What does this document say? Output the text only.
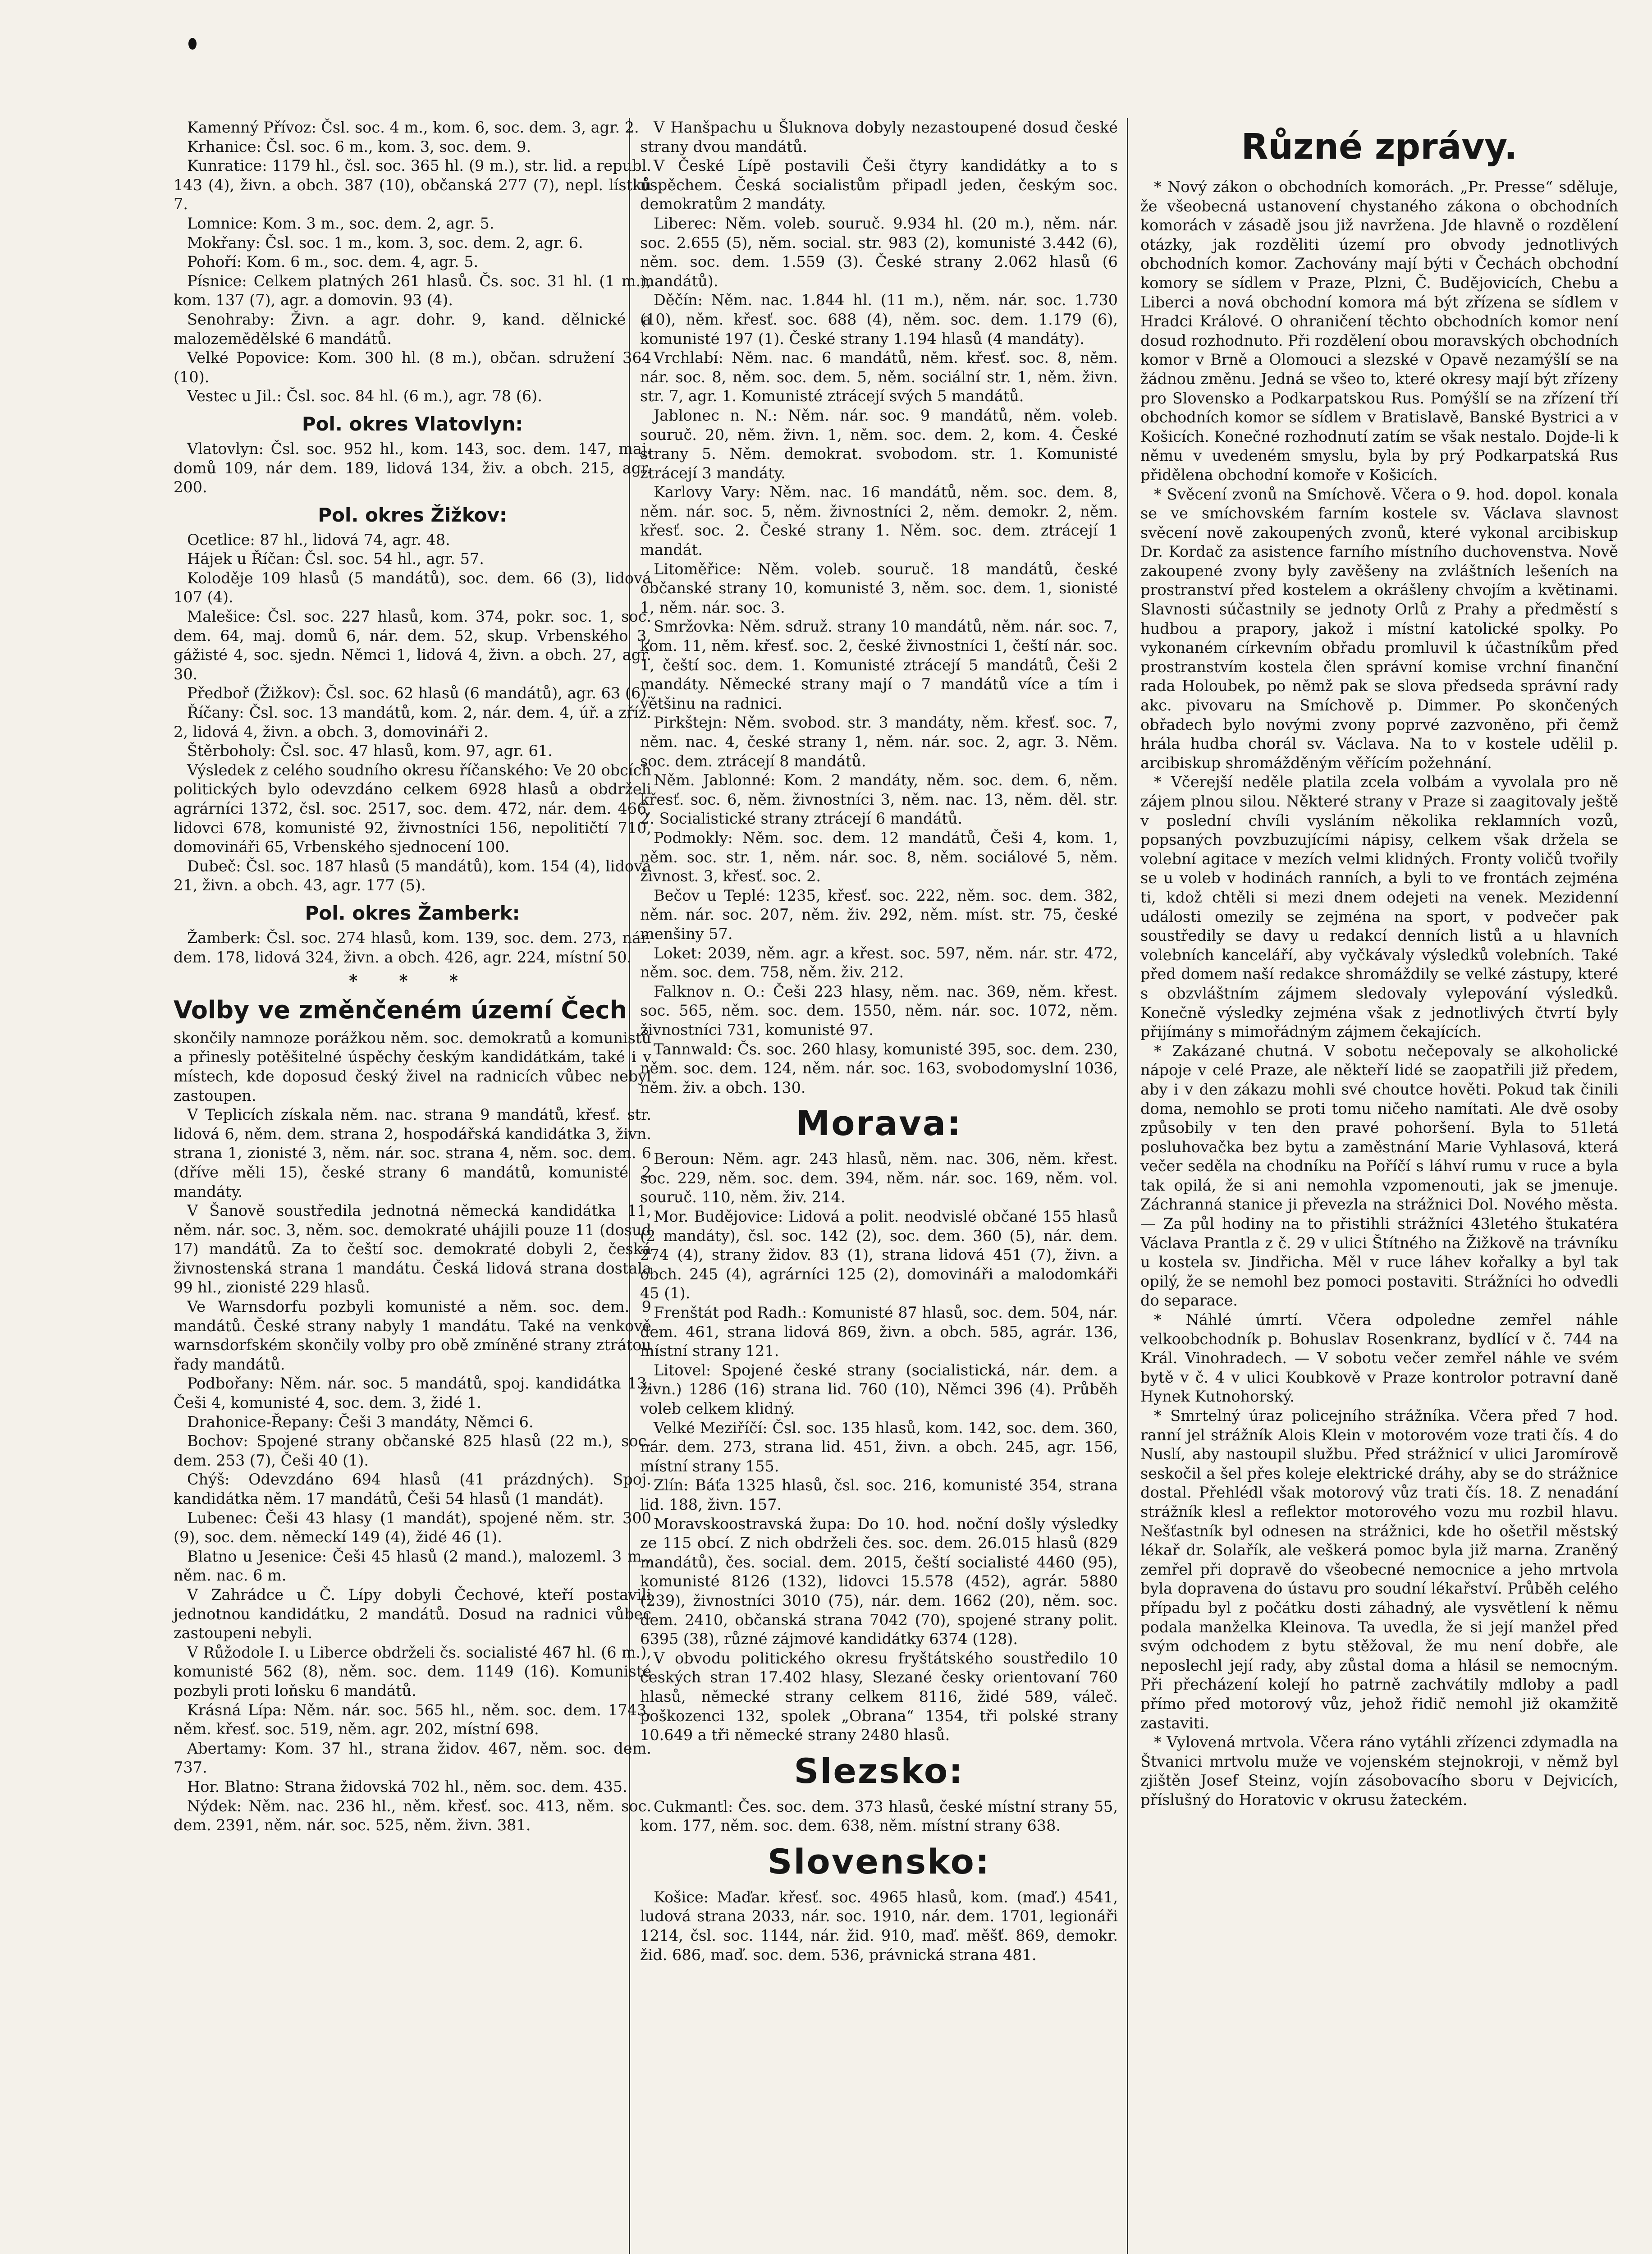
Kamenný Přívoz: Čsl. soc. 4 m., kom. 6, soc. dem. 3, agr. 2.

Krhanice: Čsl. soc. 6 m., kom. 3, soc. dem. 9.

Kunratice: 1179 hl., čsl. soc. 365 hl. (9 m.), str. lid. a republ. 143 (4), živn. a obch. 387 (10), občanská 277 (7), nepl. lístků 7.

Lomnice: Kom. 3 m., soc. dem. 2, agr. 5.

Mokřany: Čsl. soc. 1 m., kom. 3, soc. dem. 2, agr. 6.

Pohoří: Kom. 6 m., soc. dem. 4, agr. 5.

Písnice: Celkem platných 261 hlasů. Čs. soc. 31 hl. (1 m.), kom. 137 (7), agr. a domovin. 93 (4).

Senohraby: Živn. a agr. dohr. 9, kand. dělnické a malozemědělské 6 mandátů.

Velké Popovice: Kom. 300 hl. (8 m.), občan. sdružení 364 (10).

Vestec u Jil.: Čsl. soc. 84 hl. (6 m.), agr. 78 (6).

Pol. okres Vlatovlyn:

Vlatovlyn: Čsl. soc. 952 hl., kom. 143, soc. dem. 147, maj. domů 109, nár dem. 189, lidová 134, živ. a obch. 215, agr. 200.

Pol. okres Žižkov:

Ocetlice: 87 hl., lidová 74, agr. 48.

Hájek u Říčan: Čsl. soc. 54 hl., agr. 57.

Koloděje 109 hlasů (5 mandátů), soc. dem. 66 (3), lidová 107 (4).

Malešice: Čsl. soc. 227 hlasů, kom. 374, pokr. soc. 1, soc. dem. 64, maj. domů 6, nár. dem. 52, skup. Vrbenského 3, gážisté 4, soc. sjedn. Němci 1, lidová 4, živn. a obch. 27, agr. 30.

Předboř (Žižkov): Čsl. soc. 62 hlasů (6 mandátů), agr. 63 (6).

Říčany: Čsl. soc. 13 mandátů, kom. 2, nár. dem. 4, úř. a zříz. 2, lidová 4, živn. a obch. 3, domovináři 2.

Štěrboholy: Čsl. soc. 47 hlasů, kom. 97, agr. 61.

Výsledek z celého soudního okresu říčanského: Ve 20 obcích politických bylo odevzdáno celkem 6928 hlasů a obdrželi agrárníci 1372, čsl. soc. 2517, soc. dem. 472, nár. dem. 466, lidovci 678, komunisté 92, živnostníci 156, nepolitičtí 710, domovináři 65, Vrbenského sjednocení 100.

Dubeč: Čsl. soc. 187 hlasů (5 mandátů), kom. 154 (4), lidová 21, živn. a obch. 43, agr. 177 (5).

Pol. okres Žamberk:

Žamberk: Čsl. soc. 274 hlasů, kom. 139, soc. dem. 273, nár. dem. 178, lidová 324, živn. a obch. 426, agr. 224, místní 50.

* * *

Volby ve změnčeném území Čech

skončily namnoze porážkou něm. soc. demokratů a komunistů a přinesly potěšitelné úspěchy českým kandidátkám, také i v místech, kde doposud český živel na radnicích vůbec nebyl zastoupen.

V Teplicích získala něm. nac. strana 9 mandátů, křesť. str. lidová 6, něm. dem. strana 2, hospodářská kandidátka 3, živn. strana 1, zionisté 3, něm. nár. soc. strana 4, něm. soc. dem. 6 (dříve měli 15), české strany 6 mandátů, komunisté 2 mandáty.

V Šanově soustředila jednotná německá kandidátka 11, něm. nár. soc. 3, něm. soc. demokraté uhájili pouze 11 (dosud 17) mandátů. Za to čeští soc. demokraté dobyli 2, česká živnostenská strana 1 mandátu. Česká lidová strana dostala 99 hl., zionisté 229 hlasů.

Ve Warnsdorfu pozbyli komunisté a něm. soc. dem. 9 mandátů. České strany nabyly 1 mandátu. Také na venkově warnsdorfském skončily volby pro obě zmíněné strany ztrátou řady mandátů.

Podbořany: Něm. nár. soc. 5 mandátů, spoj. kandidátka 13, Češi 4, komunisté 4, soc. dem. 3, židé 1.

Drahonice-Řepany: Češi 3 mandáty, Němci 6.

Bochov: Spojené strany občanské 825 hlasů (22 m.), soc. dem. 253 (7), Češi 40 (1).

Chýš: Odevzdáno 694 hlasů (41 prázdných). Spoj. kandidátka něm. 17 mandátů, Češi 54 hlasů (1 mandát).

Lubenec: Češi 43 hlasy (1 mandát), spojené něm. str. 300 (9), soc. dem. německí 149 (4), židé 46 (1).

Blatno u Jesenice: Češi 45 hlasů (2 mand.), malozeml. 3 m., něm. nac. 6 m.

V Zahrádce u Č. Lípy dobyli Čechové, kteří postavili jednotnou kandidátku, 2 mandátů. Dosud na radnici vůbec zastoupeni nebyli.

V Růžodole I. u Liberce obdrželi čs. socialisté 467 hl. (6 m.), komunisté 562 (8), něm. soc. dem. 1149 (16). Komunisté pozbyli proti loňsku 6 mandátů.

Krásná Lípa: Něm. nár. soc. 565 hl., něm. soc. dem. 1743, něm. křesť. soc. 519, něm. agr. 202, místní 698.

Abertamy: Kom. 37 hl., strana židov. 467, něm. soc. dem. 737.

Hor. Blatno: Strana židovská 702 hl., něm. soc. dem. 435.

Nýdek: Něm. nac. 236 hl., něm. křesť. soc. 413, něm. soc. dem. 2391, něm. nár. soc. 525, něm. živn. 381.

V Hanšpachu u Šluknova dobyly nezastoupené dosud české strany dvou mandátů.

V České Lípě postavili Češi čtyry kandidátky a to s úspěchem. Česká socialistům připadl jeden, českým soc. demokratům 2 mandáty.

Liberec: Něm. voleb. souruč. 9.934 hl. (20 m.), něm. nár. soc. 2.655 (5), něm. social. str. 983 (2), komunisté 3.442 (6), něm. soc. dem. 1.559 (3). České strany 2.062 hlasů (6 mandátů).

Děčín: Něm. nac. 1.844 hl. (11 m.), něm. nár. soc. 1.730 (10), něm. křesť. soc. 688 (4), něm. soc. dem. 1.179 (6), komunisté 197 (1). České strany 1.194 hlasů (4 mandáty).

Vrchlabí: Něm. nac. 6 mandátů, něm. křesť. soc. 8, něm. nár. soc. 8, něm. soc. dem. 5, něm. sociální str. 1, něm. živn. str. 7, agr. 1. Komunisté ztrácejí svých 5 mandátů.

Jablonec n. N.: Něm. nár. soc. 9 mandátů, něm. voleb. souruč. 20, něm. živn. 1, něm. soc. dem. 2, kom. 4. České strany 5. Něm. demokrat. svobodom. str. 1. Komunisté ztrácejí 3 mandáty.

Karlovy Vary: Něm. nac. 16 mandátů, něm. soc. dem. 8, něm. nár. soc. 5, něm. živnostníci 2, něm. demokr. 2, něm. křesť. soc. 2. České strany 1. Něm. soc. dem. ztrácejí 1 mandát.

Litoměřice: Něm. voleb. souruč. 18 mandátů, české občanské strany 10, komunisté 3, něm. soc. dem. 1, sionisté 1, něm. nár. soc. 3.

Smržovka: Něm. sdruž. strany 10 mandátů, něm. nár. soc. 7, kom. 11, něm. křesť. soc. 2, české živnostníci 1, čeští nár. soc. 1, čeští soc. dem. 1. Komunisté ztrácejí 5 mandátů, Češi 2 mandáty. Německé strany mají o 7 mandátů více a tím i většinu na radnici.

Pirkštejn: Něm. svobod. str. 3 mandáty, něm. křesť. soc. 7, něm. nac. 4, české strany 1, něm. nár. soc. 2, agr. 3. Něm. soc. dem. ztrácejí 8 mandátů.

Něm. Jablonné: Kom. 2 mandáty, něm. soc. dem. 6, něm. křesť. soc. 6, něm. živnostníci 3, něm. nac. 13, něm. děl. str. 2. Socialistické strany ztrácejí 6 mandátů.

Podmokly: Něm. soc. dem. 12 mandátů, Češi 4, kom. 1, něm. soc. str. 1, něm. nár. soc. 8, něm. sociálové 5, něm. živnost. 3, křesť. soc. 2.

Bečov u Teplé: 1235, křesť. soc. 222, něm. soc. dem. 382, něm. nár. soc. 207, něm. živ. 292, něm. míst. str. 75, české menšiny 57.

Loket: 2039, něm. agr. a křest. soc. 597, něm. nár. str. 472, něm. soc. dem. 758, něm. živ. 212.

Falknov n. O.: Češi 223 hlasy, něm. nac. 369, něm. křest. soc. 565, něm. soc. dem. 1550, něm. nár. soc. 1072, něm. živnostníci 731, komunisté 97.

Tannwald: Čs. soc. 260 hlasy, komunisté 395, soc. dem. 230, něm. soc. dem. 124, něm. nár. soc. 163, svobodomyslní 1036, něm. živ. a obch. 130.

Morava:

Beroun: Něm. agr. 243 hlasů, něm. nac. 306, něm. křest. soc. 229, něm. soc. dem. 394, něm. nár. soc. 169, něm. vol. souruč. 110, něm. živ. 214.

Mor. Budějovice: Lidová a polit. neodvislé občané 155 hlasů (2 mandáty), čsl. soc. 142 (2), soc. dem. 360 (5), nár. dem. 274 (4), strany židov. 83 (1), strana lidová 451 (7), živn. a obch. 245 (4), agrárníci 125 (2), domovináři a malodomkáři 45 (1).

Frenštát pod Radh.: Komunisté 87 hlasů, soc. dem. 504, nár. dem. 461, strana lidová 869, živn. a obch. 585, agrár. 136, místní strany 121.

Litovel: Spojené české strany (socialistická, nár. dem. a živn.) 1286 (16) strana lid. 760 (10), Němci 396 (4). Průběh voleb celkem klidný.

Velké Meziříčí: Čsl. soc. 135 hlasů, kom. 142, soc. dem. 360, nár. dem. 273, strana lid. 451, živn. a obch. 245, agr. 156, místní strany 155.

Zlín: Báťa 1325 hlasů, čsl. soc. 216, komunisté 354, strana lid. 188, živn. 157.

Moravskoostravská župa: Do 10. hod. noční došly výsledky ze 115 obcí. Z nich obdrželi čes. soc. dem. 26.015 hlasů (829 mandátů), čes. social. dem. 2015, čeští socialisté 4460 (95), komunisté 8126 (132), lidovci 15.578 (452), agrár. 5880 (239), živnostníci 3010 (75), nár. dem. 1662 (20), něm. soc. dem. 2410, občanská strana 7042 (70), spojené strany polit. 6395 (38), různé zájmové kandidátky 6374 (128).

V obvodu politického okresu fryštátského soustředilo 10 českých stran 17.402 hlasy, Slezané česky orientovaní 760 hlasů, německé strany celkem 8116, židé 589, váleč. poškozenci 132, spolek „Obrana“ 1354, tři polské strany 10.649 a tři německé strany 2480 hlasů.

Slezsko:

Cukmantl: Čes. soc. dem. 373 hlasů, české místní strany 55, kom. 177, něm. soc. dem. 638, něm. místní strany 638.

Slovensko:

Košice: Maďar. křesť. soc. 4965 hlasů, kom. (maď.) 4541, ludová strana 2033, nár. soc. 1910, nár. dem. 1701, legionáři 1214, čsl. soc. 1144, nár. žid. 910, maď. měšť. 869, demokr. žid. 686, maď. soc. dem. 536, právnická strana 481.

Různé zprávy.

* Nový zákon o obchodních komorách. „Pr. Presse“ sděluje, že všeobecná ustanovení chystaného zákona o obchodních komorách v zásadě jsou již navržena. Jde hlavně o rozdělení otázky, jak rozděliti území pro obvody jednotlivých obchodních komor. Zachovány mají býti v Čechách obchodní komory se sídlem v Praze, Plzni, Č. Budějovicích, Chebu a Liberci a nová obchodní komora má být zřízena se sídlem v Hradci Králové. O ohraničení těchto obchodních komor není dosud rozhodnuto. Při rozdělení obou moravských obchodních komor v Brně a Olomouci a slezské v Opavě nezamýšlí se na žádnou změnu. Jedná se všeo to, které okresy mají být zřízeny pro Slovensko a Podkarpatskou Rus. Pomýšlí se na zřízení tří obchodních komor se sídlem v Bratislavě, Banské Bystrici a v Košicích. Konečné rozhodnutí zatím se však nestalo. Dojde-li k němu v uvedeném smyslu, byla by prý Podkarpatská Rus přidělena obchodní komoře v Košicích.

* Svěcení zvonů na Smíchově. Včera o 9. hod. dopol. konala se ve smíchovském farním kostele sv. Václava slavnost svěcení nově zakoupených zvonů, které vykonal arcibiskup Dr. Kordač za asistence farního místního duchovenstva. Nově zakoupené zvony byly zavěšeny na zvláštních lešeních na prostranství před kostelem a okrášleny chvojím a květinami. Slavnosti súčastnily se jednoty Orlů z Prahy a předměstí s hudbou a prapory, jakož i místní katolické spolky. Po vykonaném církevním obřadu promluvil k účastníkům před prostranstvím kostela člen správní komise vrchní finanční rada Holoubek, po němž pak se slova předseda správní rady akc. pivovaru na Smíchově p. Dimmer. Po skončených obřadech bylo novými zvony poprvé zazvoněno, při čemž hrála hudba chorál sv. Václava. Na to v kostele udělil p. arcibiskup shromážděným věřícím požehnání.

* Včerejší neděle platila zcela volbám a vyvolala pro ně zájem plnou silou. Některé strany v Praze si zaagitovaly ještě v poslední chvíli vysláním několika reklamních vozů, popsaných povzbuzujícími nápisy, celkem však držela se volební agitace v mezích velmi klidných. Fronty voličů tvořily se u voleb v hodinách ranních, a byli to ve frontách zejména ti, kdož chtěli si mezi dnem odejeti na venek. Mezidenní události omezily se zejména na sport, v podvečer pak soustředily se davy u redakcí denních listů a u hlavních volebních kanceláří, aby vyčkávaly výsledků volebních. Také před domem naší redakce shromáždily se velké zástupy, které s obzvláštním zájmem sledovaly vylepování výsledků. Konečně výsledky zejména však z jednotlivých čtvrtí byly přijímány s mimořádným zájmem čekajících.

* Zakázané chutná. V sobotu nečepovaly se alkoholické nápoje v celé Praze, ale někteří lidé se zaopatřili již předem, aby i v den zákazu mohli své choutce hověti. Pokud tak činili doma, nemohlo se proti tomu ničeho namítati. Ale dvě osoby způsobily v ten den pravé pohoršení. Byla to 51letá posluhovačka bez bytu a zaměstnání Marie Vyhlasová, která večer seděla na chodníku na Poříčí s láhví rumu v ruce a byla tak opilá, že si ani nemohla vzpomenouti, jak se jmenuje. Záchranná stanice ji převezla na strážnici Dol. Nového města. — Za půl hodiny na to přistihli strážníci 43letého štukatéra Václava Prantla z č. 29 v ulici Štítného na Žižkově na trávníku u kostela sv. Jindřicha. Měl v ruce láhev kořalky a byl tak opilý, že se nemohl bez pomoci postaviti. Strážníci ho odvedli do separace.

* Náhlé úmrtí. Včera odpoledne zemřel náhle velkoobchodník p. Bohuslav Rosenkranz, bydlící v č. 744 na Král. Vinohradech. — V sobotu večer zemřel náhle ve svém bytě v č. 4 v ulici Koubkově v Praze kontrolor potravní daně Hynek Kutnohorský.

* Smrtelný úraz policejního strážníka. Včera před 7 hod. ranní jel strážník Alois Klein v motorovém voze trati čís. 4 do Nuslí, aby nastoupil službu. Před strážnicí v ulici Jaromírově seskočil a šel přes koleje elektrické dráhy, aby se do strážnice dostal. Přehlédl však motorový vůz trati čís. 18. Z nenadání strážník klesl a reflektor motorového vozu mu rozbil hlavu. Nešťastník byl odnesen na strážnici, kde ho ošetřil městský lékař dr. Solařík, ale veškerá pomoc byla již marna. Zraněný zemřel při dopravě do všeobecné nemocnice a jeho mrtvola byla dopravena do ústavu pro soudní lékařství. Průběh celého případu byl z počátku dosti záhadný, ale vysvětlení k němu podala manželka Kleinova. Ta uvedla, že si její manžel před svým odchodem z bytu stěžoval, že mu není dobře, ale neposlechl její rady, aby zůstal doma a hlásil se nemocným. Při přecházení kolejí ho patrně zachvátily mdloby a padl přímo před motorový vůz, jehož řidič nemohl již okamžitě zastaviti.

* Vylovená mrtvola. Včera ráno vytáhli zřízenci zdymadla na Štvanici mrtvolu muže ve vojenském stejnokroji, v němž byl zjištěn Josef Steinz, vojín zásobovacího sboru v Dejvicích, příslušný do Horatovic v okrusu žateckém.
